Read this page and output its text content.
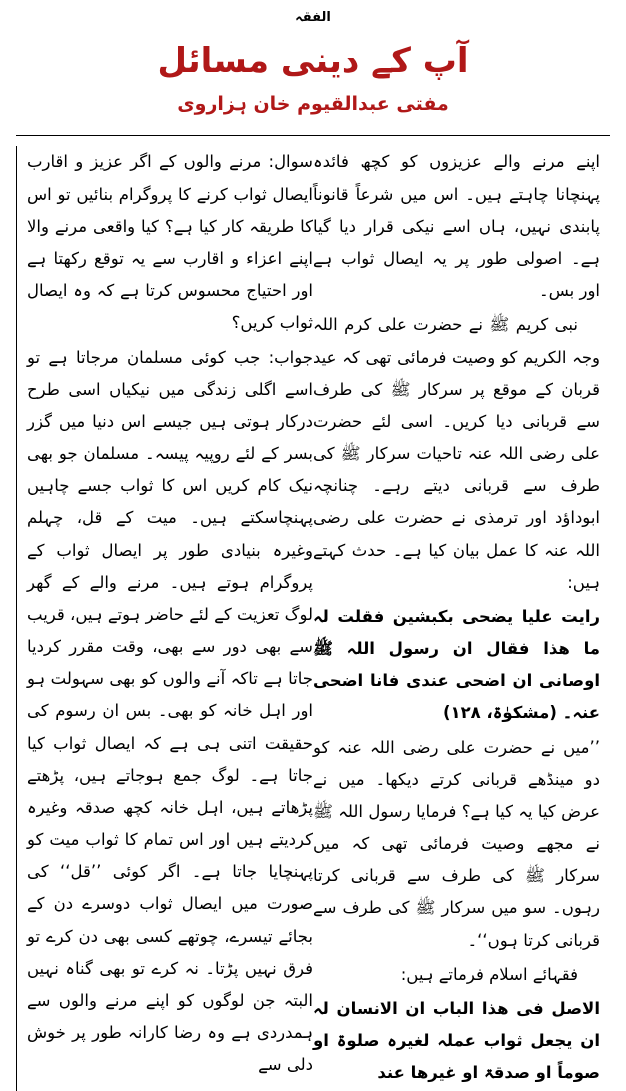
الفقہ
آپ کے دینی مسائل
مفتی عبدالقیوم خان ہزاروی

سوال: مرنے والوں کے اگر عزیز و اقارب ایصال ثواب کرنے کا پروگرام بنائیں تو اس کا طریقہ کار کیا ہے؟ کیا واقعی مرنے والا اپنے اعزاء و اقارب سے یہ توقع رکھتا ہے اور احتیاج محسوس کرتا ہے کہ وہ ایصال ثواب کریں؟

جواب: جب کوئی مسلمان مرجاتا ہے تو اسے اگلی زندگی میں نیکیاں اسی طرح درکار ہوتی ہیں جیسے اس دنیا میں گزر بسر کے لئے روپیہ پیسہ۔ مسلمان جو بھی نیک کام کریں اس کا ثواب جسے چاہیں پہنچاسکتے ہیں۔ میت کے قل، چہلم وغیرہ بنیادی طور پر ایصال ثواب کے پروگرام ہوتے ہیں۔ مرنے والے کے گھر لوگ تعزیت کے لئے حاضر ہوتے ہیں، قریب سے بھی دور سے بھی، وقت مقرر کردیا جاتا ہے تاکہ آنے والوں کو بھی سہولت ہو اور اہل خانہ کو بھی۔ بس ان رسوم کی حقیقت اتنی ہی ہے کہ ایصال ثواب کیا جاتا ہے۔ لوگ جمع ہوجاتے ہیں، پڑھتے پڑھاتے ہیں، اہل خانہ کچھ صدقہ وغیرہ کردیتے ہیں اور اس تمام کا ثواب میت کو پہنچایا جاتا ہے۔ اگر کوئی ’’قل‘‘ کی صورت میں ایصال ثواب دوسرے دن کے بجائے تیسرے، چوتھے کسی بھی دن کرے تو فرق نہیں پڑتا۔ نہ کرے تو بھی گناہ نہیں البتہ جن لوگوں کو اپنے مرنے والوں سے ہمدردی ہے وہ رضا کارانہ طور پر خوش دلی سے

اپنے مرنے والے عزیزوں کو کچھ فائدہ پہنچانا چاہتے ہیں۔ اس میں شرعاً قانوناً پابندی نہیں، ہاں اسے نیکی قرار دیا گیا ہے۔ اصولی طور پر یہ ایصال ثواب ہے اور بس۔

نبی کریم ﷺ نے حضرت علی کرم اللہ وجہ الکریم کو وصیت فرمائی تھی کہ عید قربان کے موقع پر سرکار ﷺ کی طرف سے قربانی دیا کریں۔ اسی لئے حضرت علی رضی اللہ عنہ تاحیات سرکار ﷺ کی طرف سے قربانی دیتے رہے۔ چنانچہ ابوداؤد اور ترمذی نے حضرت علی رضی اللہ عنہ کا عمل بیان کیا ہے۔ حدث کہتے ہیں:

رایت علیا یضحی بکبشین فقلت لہ ما ھذا فقال ان رسول اللہ ﷺ اوصانی ان اضحی عندی فانا اضحی عنہ۔ (مشکوٰۃ، ۱۲۸)

’’میں نے حضرت علی رضی اللہ عنہ کو دو مینڈھے قربانی کرتے دیکھا۔ میں نے عرض کیا یہ کیا ہے؟ فرمایا رسول اللہ ﷺ نے مجھے وصیت فرمائی تھی کہ میں سرکار ﷺ کی طرف سے قربانی کرتا رہوں۔ سو میں سرکار ﷺ کی طرف سے قربانی کرتا ہوں‘‘۔

فقہائے اسلام فرماتے ہیں:

الاصل فی ھذا الباب ان الانسان لہ ان یجعل ثواب عملہ لغیرہ صلوۃ او صوماً او صدقۃ او غیرھا عند
